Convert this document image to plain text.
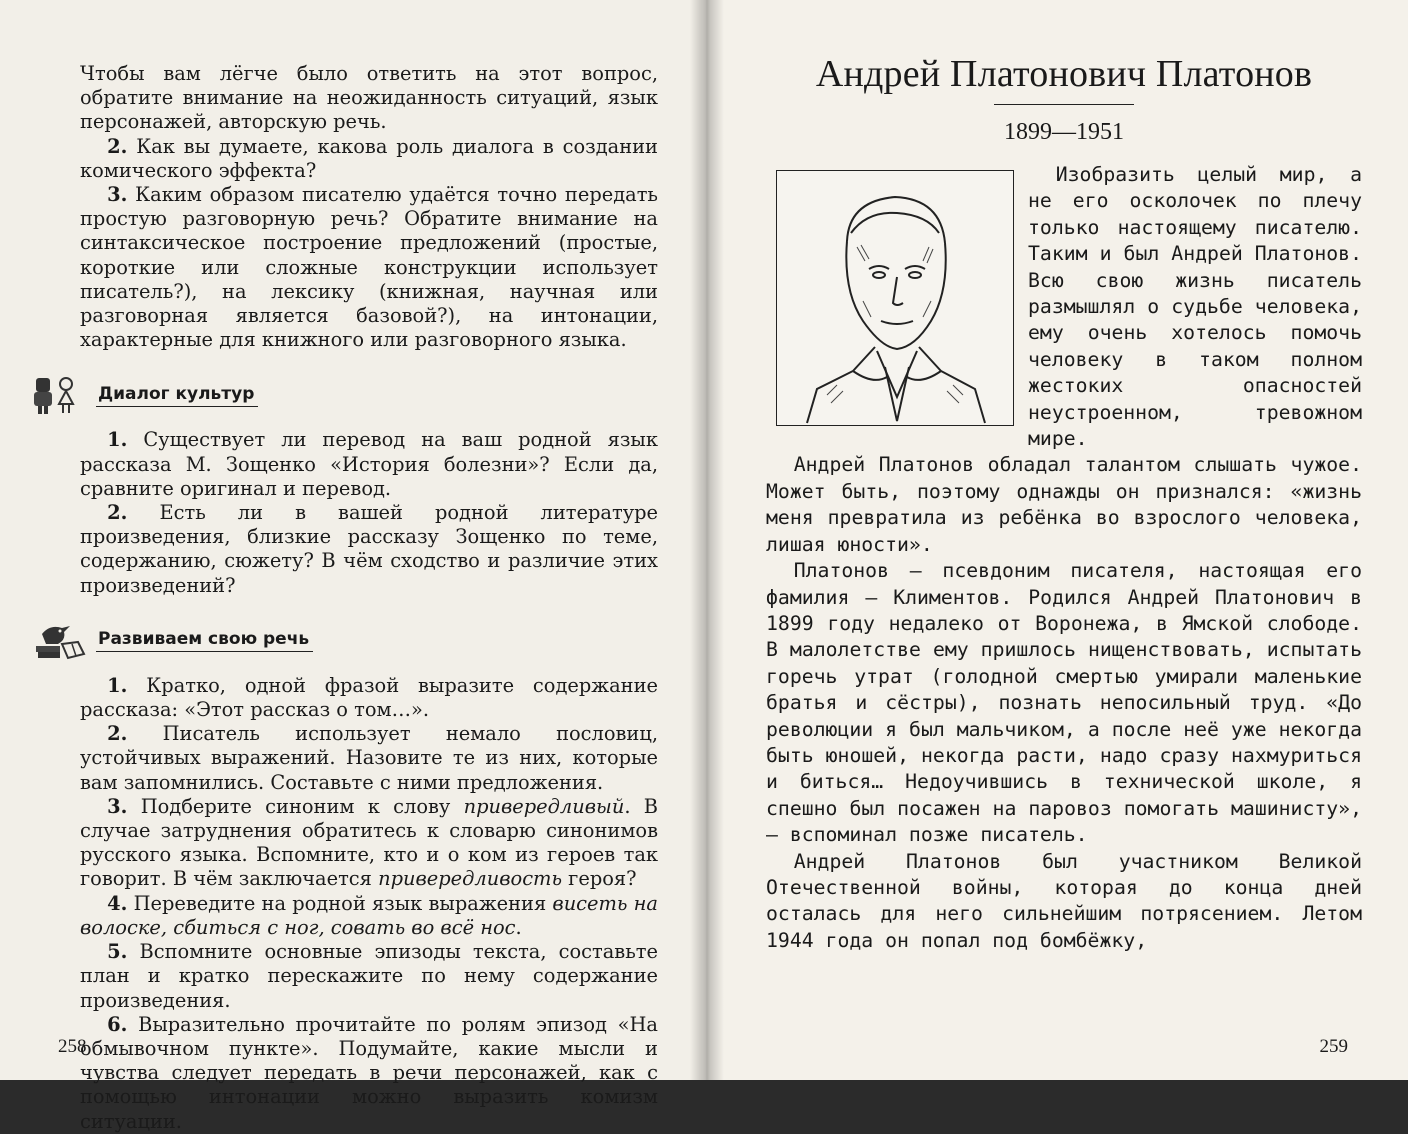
Чтобы вам лёгче было ответить на этот вопрос, обратите внимание на неожиданность ситуаций, язык персонажей, авторскую речь.

2. Как вы думаете, какова роль диалога в создании комического эффекта?

3. Каким образом писателю удаётся точно передать простую разговорную речь? Обратите внимание на синтаксическое построение предложений (простые, короткие или сложные конструкции использует писатель?), на лексику (книжная, научная или разговорная является базовой?), на интонации, характерные для книжного или разговорного языка.

Диалог культур

1. Существует ли перевод на ваш родной язык рассказа М. Зощенко «История болезни»? Если да, сравните оригинал и перевод.

2. Есть ли в вашей родной литературе произведения, близкие рассказу Зощенко по теме, содержанию, сюжету? В чём сходство и различие этих произведений?

Развиваем свою речь

1. Кратко, одной фразой выразите содержание рассказа: «Этот рассказ о том…».

2. Писатель использует немало пословиц, устойчивых выражений. Назовите те из них, которые вам запомнились. Составьте с ними предложения.

3. Подберите синоним к слову привередливый. В случае затруднения обратитесь к словарю синонимов русского языка. Вспомните, кто и о ком из героев так говорит. В чём заключается привередливость героя?

4. Переведите на родной язык выражения висеть на волоске, сбиться с ног, совать во всё нос.

5. Вспомните основные эпизоды текста, составьте план и кратко перескажите по нему содержание произведения.

6. Выразительно прочитайте по ролям эпизод «На обмывочном пункте». Подумайте, какие мысли и чувства следует передать в речи персонажей, как с помощью интонации можно выразить комизм ситуации.

258
Андрей Платонович Платонов
1899—1951

Изобразить целый мир, а не его осколочек по плечу только настоящему писателю. Таким и был Андрей Платонов. Всю свою жизнь писатель размышлял о судьбе человека, ему очень хотелось помочь человеку в таком полном жестоких опасностей неустроенном, тревожном мире.

Андрей Платонов обладал талантом слышать чужое. Может быть, поэтому однажды он признался: «жизнь меня превратила из ребёнка во взрослого человека, лишая юности».

Платонов — псевдоним писателя, настоящая его фамилия — Климентов. Родился Андрей Платонович в 1899 году недалеко от Воронежа, в Ямской слободе. В малолетстве ему пришлось нищенствовать, испытать горечь утрат (голодной смертью умирали маленькие братья и сёстры), познать непосильный труд. «До революции я был мальчиком, а после неё уже некогда быть юношей, некогда расти, надо сразу нахмуриться и биться… Недоучившись в технической школе, я спешно был посажен на паровоз помогать машинисту», — вспоминал позже писатель.

Андрей Платонов был участником Великой Отечественной войны, которая до конца дней осталась для него сильнейшим потрясением. Летом 1944 года он попал под бомбёжку,

259
